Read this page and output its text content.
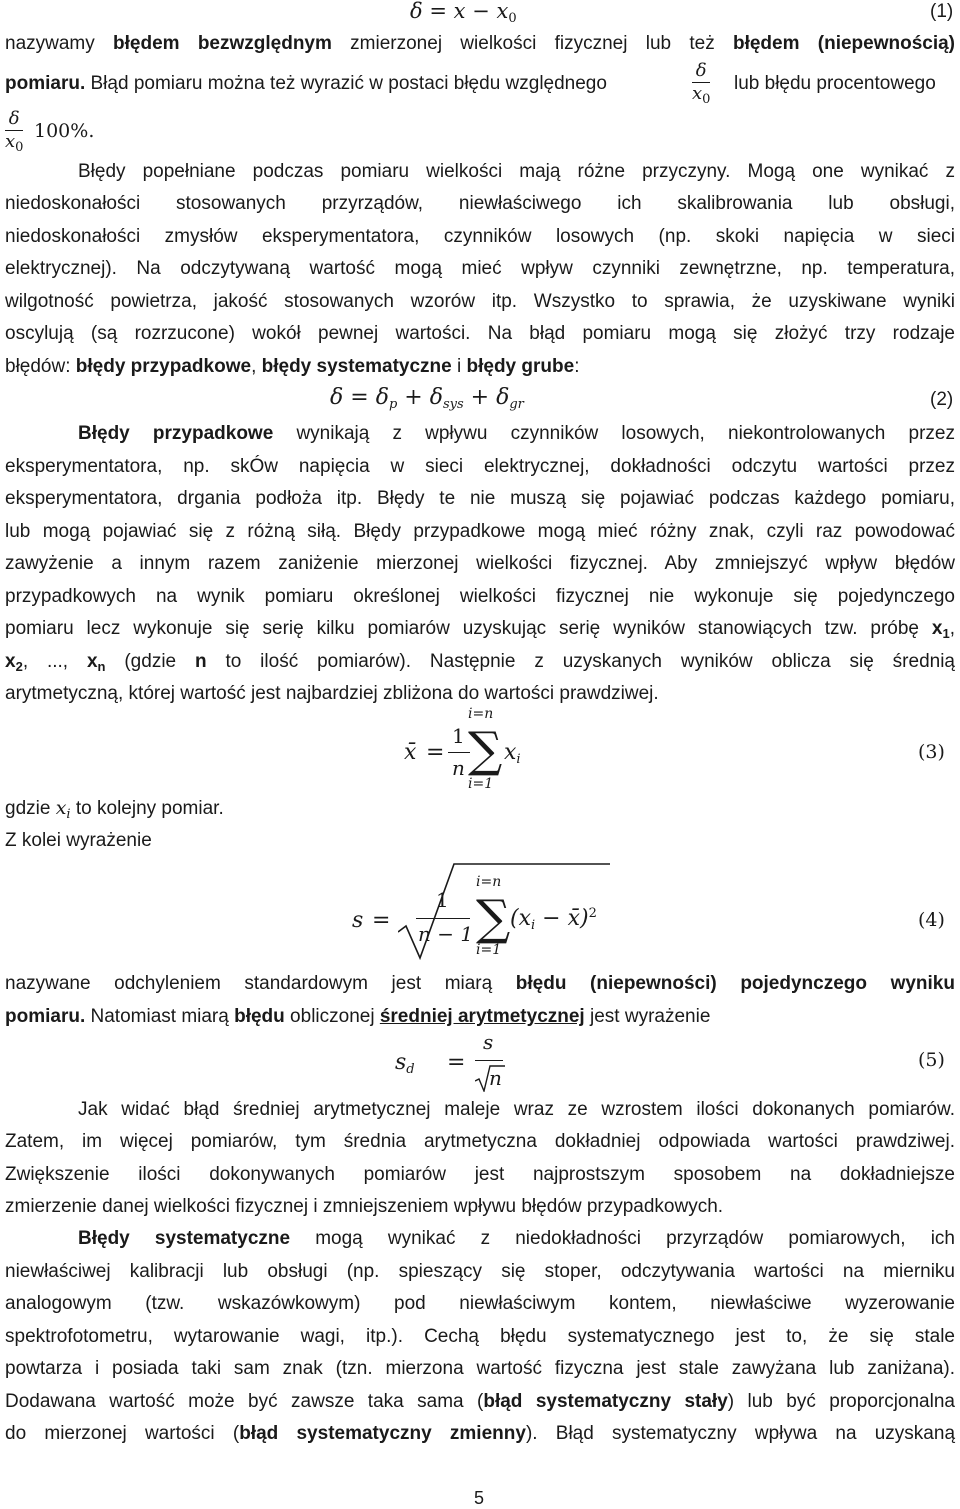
$\delta = x - x_0$	(1)
nazywamy błędem bezwzględnym zmierzonej wielkości fizycznej lub też błędem (niepewnością)
pomiaru. Błąd pomiaru można też wyrazić w postaci błędu względnego
δ
$x_0$
lub błędu procentowego
δ
$x_0$
100%.
Błędy popełniane podczas pomiaru wielkości mają różne przyczyny. Mogą one wynikać z
niedoskonałości stosowanych przyrządów, niewłaściwego ich skalibrowania lub obsługi,
niedoskonałości zmysłów eksperymentatora, czynników losowych (np. skoki napięcia w sieci
elektrycznej). Na odczytywaną wartość mogą mieć wpływ czynniki zewnętrzne, np. temperatura,
wilgotność powietrza, jakość stosowanych wzorów itp. Wszystko to sprawia, że uzyskiwane wyniki
oscylują (są rozrzucone) wokół pewnej wartości. Na błąd pomiaru mogą się złożyć trzy rodzaje
błędów: błędy przypadkowe, błędy systematyczne i błędy grube:
$\delta = \delta_p + \delta_{sys} + \delta_{gr}$	(2)
Błędy przypadkowe wynikają z wpływu czynników losowych, niekontrolowanych przez
eksperymentatora, np. skÓw napięcia w sieci elektrycznej, dokładności odczytu wartości przez
eksperymentatora, drgania podłoża itp. Błędy te nie muszą się pojawiać podczas każdego pomiaru,
lub mogą pojawiać się z różną siłą. Błędy przypadkowe mogą mieć różny znak, czyli raz powodować
zawyżenie a innym razem zaniżenie mierzonej wielkości fizycznej. Aby zmniejszyć wpływ błędów
przypadkowych na wynik pomiaru określonej wielkości fizycznej nie wykonuje się pojedynczego
pomiaru lecz wykonuje się serię kilku pomiarów uzyskując serię wyników stanowiących tzw. próbę $x_1$,
$x_2$, ..., $x_n$ (gdzie n to ilość pomiarów). Następnie z uzyskanych wyników oblicza się średnią
arytmetyczną, której wartość jest najbardziej zbliżona do wartości prawdziwej.
x̄ =
1
n
i=n
∑
i=1
$x_i$	(3)
gdzie $x_i$ to kolejny pomiar.
Z kolei wyrażenie
s =
1
n − 1
i=n
∑
i=1
($x_i$ − x̄)$^2$	(4)
nazywane odchyleniem standardowym jest miarą błędu (niepewności) pojedynczego wyniku
pomiaru. Natomiast miarą błędu obliczonej średniej arytmetycznej jest wyrażenie
$s_d$ =
s
n
(5)
Jak widać błąd średniej arytmetycznej maleje wraz ze wzrostem ilości dokonanych pomiarów.
Zatem, im więcej pomiarów, tym średnia arytmetyczna dokładniej odpowiada wartości prawdziwej.
Zwiększenie ilości dokonywanych pomiarów jest najprostszym sposobem na dokładniejsze
zmierzenie danej wielkości fizycznej i zmniejszeniem wpływu błędów przypadkowych.
Błędy systematyczne mogą wynikać z niedokładności przyrządów pomiarowych, ich
niewłaściwej kalibracji lub obsługi (np. spieszący się stoper, odczytywania wartości na mierniku
analogowym (tzw. wskazówkowym) pod niewłaściwym kontem, niewłaściwe wyzerowanie
spektrofotometru, wytarowanie wagi, itp.). Cechą błędu systematycznego jest to, że się stale
powtarza i posiada taki sam znak (tzn. mierzona wartość fizyczna jest stale zawyżana lub zaniżana).
Dodawana wartość może być zawsze taka sama (błąd systematyczny stały) lub być proporcjonalna
do mierzonej wartości (błąd systematyczny zmienny). Błąd systematyczny wpływa na uzyskaną
5
